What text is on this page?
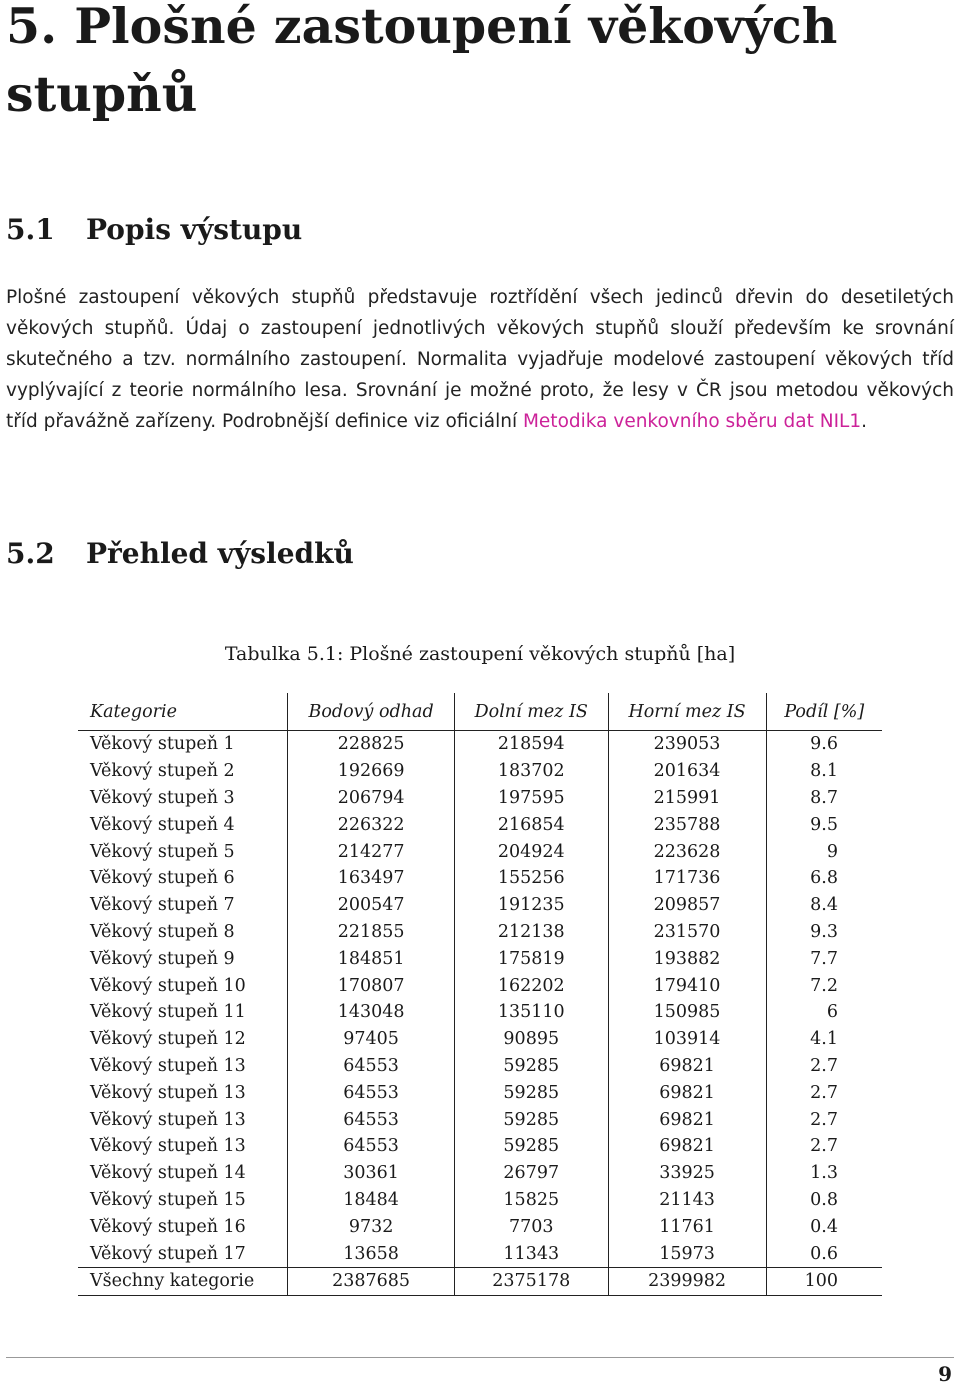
5. Plošné zastoupení věkových stupňů
5.1 Popis výstupu

Plošné zastoupení věkových stupňů představuje roztřídění všech jedinců dřevin do desetiletých věkových stupňů. Údaj o zastoupení jednotlivých věkových stupňů slouží především ke srovnání skutečného a tzv. normálního zastoupení. Normalita vyjadřuje modelové zastoupení věkových tříd vyplývající z teorie normálního lesa. Srovnání je možné proto, že lesy v ČR jsou metodou věkových tříd přavážně zařízeny. Podrobnější definice viz oficiální Metodika venkovního sběru dat NIL1.

5.2 Přehled výsledků
Tabulka 5.1: Plošné zastoupení věkových stupňů [ha]
Kategorie	Bodový odhad	Dolní mez IS	Horní mez IS	Podíl [%]
Věkový stupeň 1	228825	218594	239053	9.6
Věkový stupeň 2	192669	183702	201634	8.1
Věkový stupeň 3	206794	197595	215991	8.7
Věkový stupeň 4	226322	216854	235788	9.5
Věkový stupeň 5	214277	204924	223628	9
Věkový stupeň 6	163497	155256	171736	6.8
Věkový stupeň 7	200547	191235	209857	8.4
Věkový stupeň 8	221855	212138	231570	9.3
Věkový stupeň 9	184851	175819	193882	7.7
Věkový stupeň 10	170807	162202	179410	7.2
Věkový stupeň 11	143048	135110	150985	6
Věkový stupeň 12	97405	90895	103914	4.1
Věkový stupeň 13	64553	59285	69821	2.7
Věkový stupeň 13	64553	59285	69821	2.7
Věkový stupeň 13	64553	59285	69821	2.7
Věkový stupeň 13	64553	59285	69821	2.7
Věkový stupeň 14	30361	26797	33925	1.3
Věkový stupeň 15	18484	15825	21143	0.8
Věkový stupeň 16	9732	7703	11761	0.4
Věkový stupeň 17	13658	11343	15973	0.6
Všechny kategorie	2387685	2375178	2399982	100
9
